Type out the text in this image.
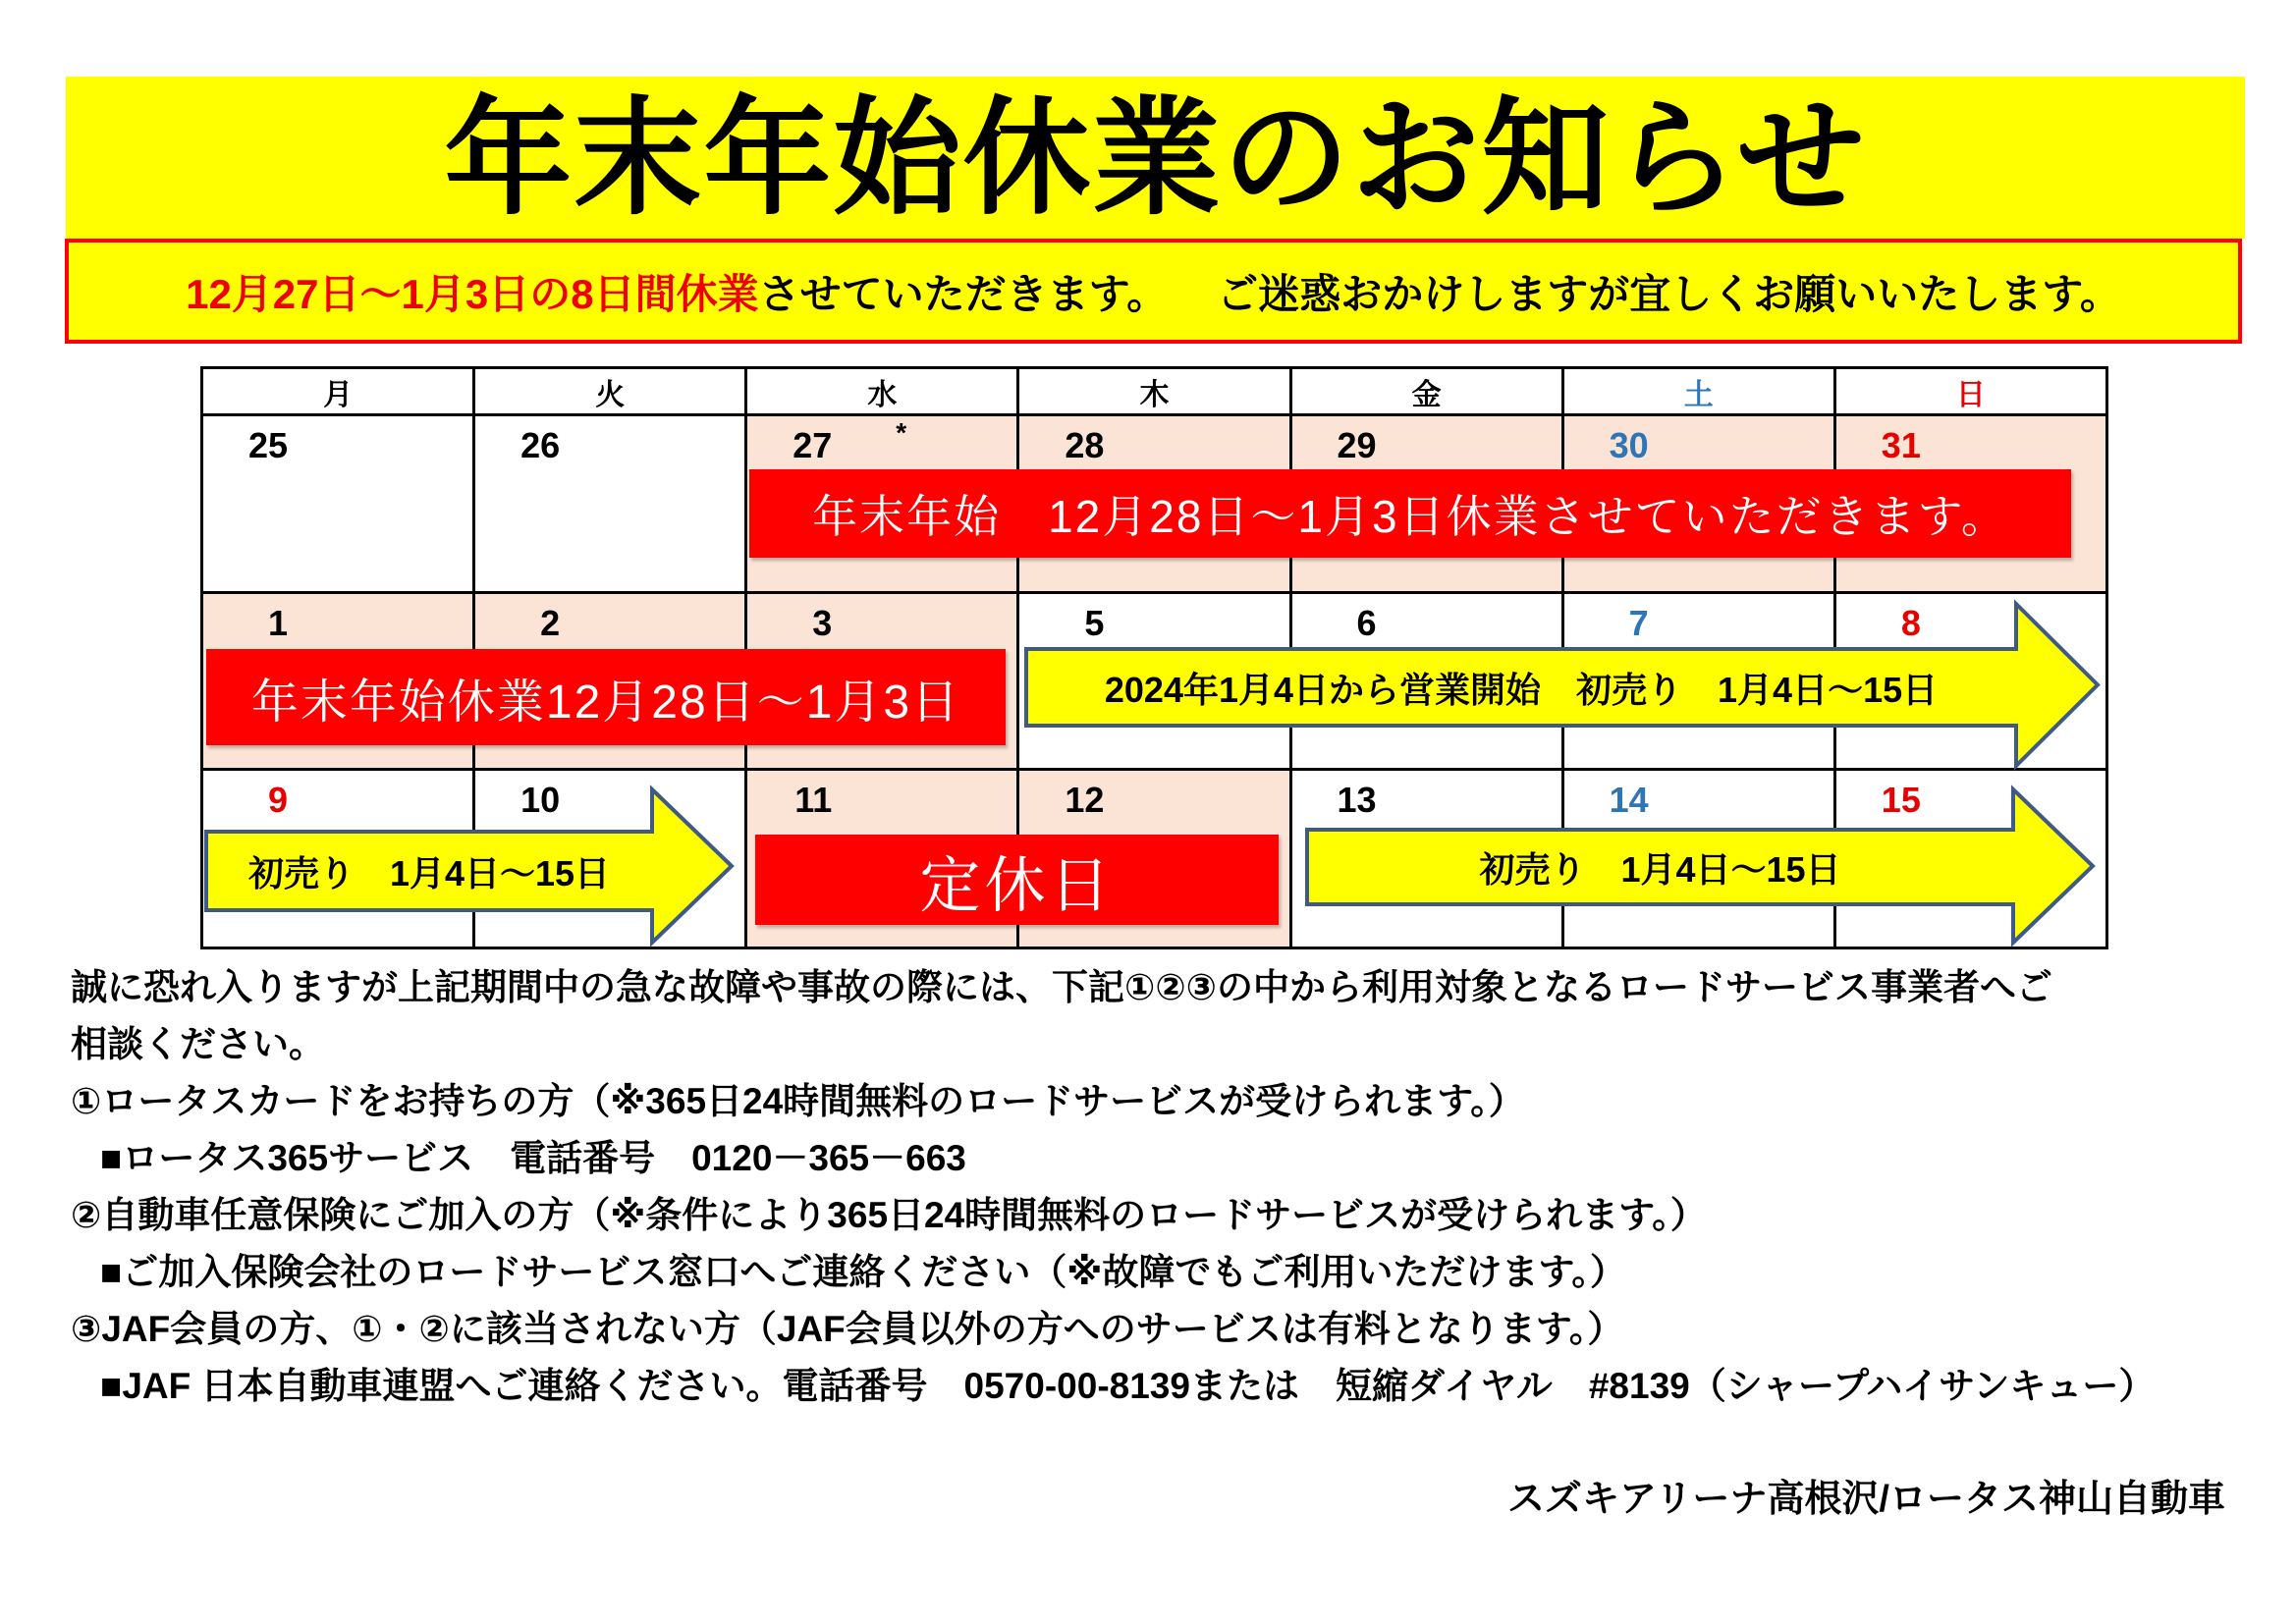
年末年始休業のお知らせ
12月27日～1月3日の8日間休業 させていただきます。 ご迷惑おかけしますが宜しくお願いいたします。
月	火	水	木	金	土	日
25	26	27 *	28	29	30	31
1	2	3	5	6	7	8
9	10	11	12	13	14	15
年末年始　12月28日～1月3日休業させていただきます。
年末年始休業12月28日～1月3日
定休日
2024年1月4日から営業開始　初売り　1月4日～15日
初売り　1月4日～15日	初売り　1月4日～15日
誠に恐れ入りますが上記期間中の急な故障や事故の際には、下記①②③の中から利用対象となるロードサービス事業者へご
相談ください。
①ロータスカードをお持ちの方（※365日24時間無料のロードサービスが受けられます。）
■ロータス365サービス　電話番号　0120－365－663
②自動車任意保険にご加入の方（※条件により365日24時間無料のロードサービスが受けられます。）
■ご加入保険会社のロードサービス窓口へご連絡ください（※故障でもご利用いただけます。）
③JAF会員の方、①・②に該当されない方（JAF会員以外の方へのサービスは有料となります。）
■JAF 日本自動車連盟へご連絡ください。電話番号　0570-00-8139または　短縮ダイヤル　#8139（シャープハイサンキュー）
スズキアリーナ高根沢/ロータス神山自動車
